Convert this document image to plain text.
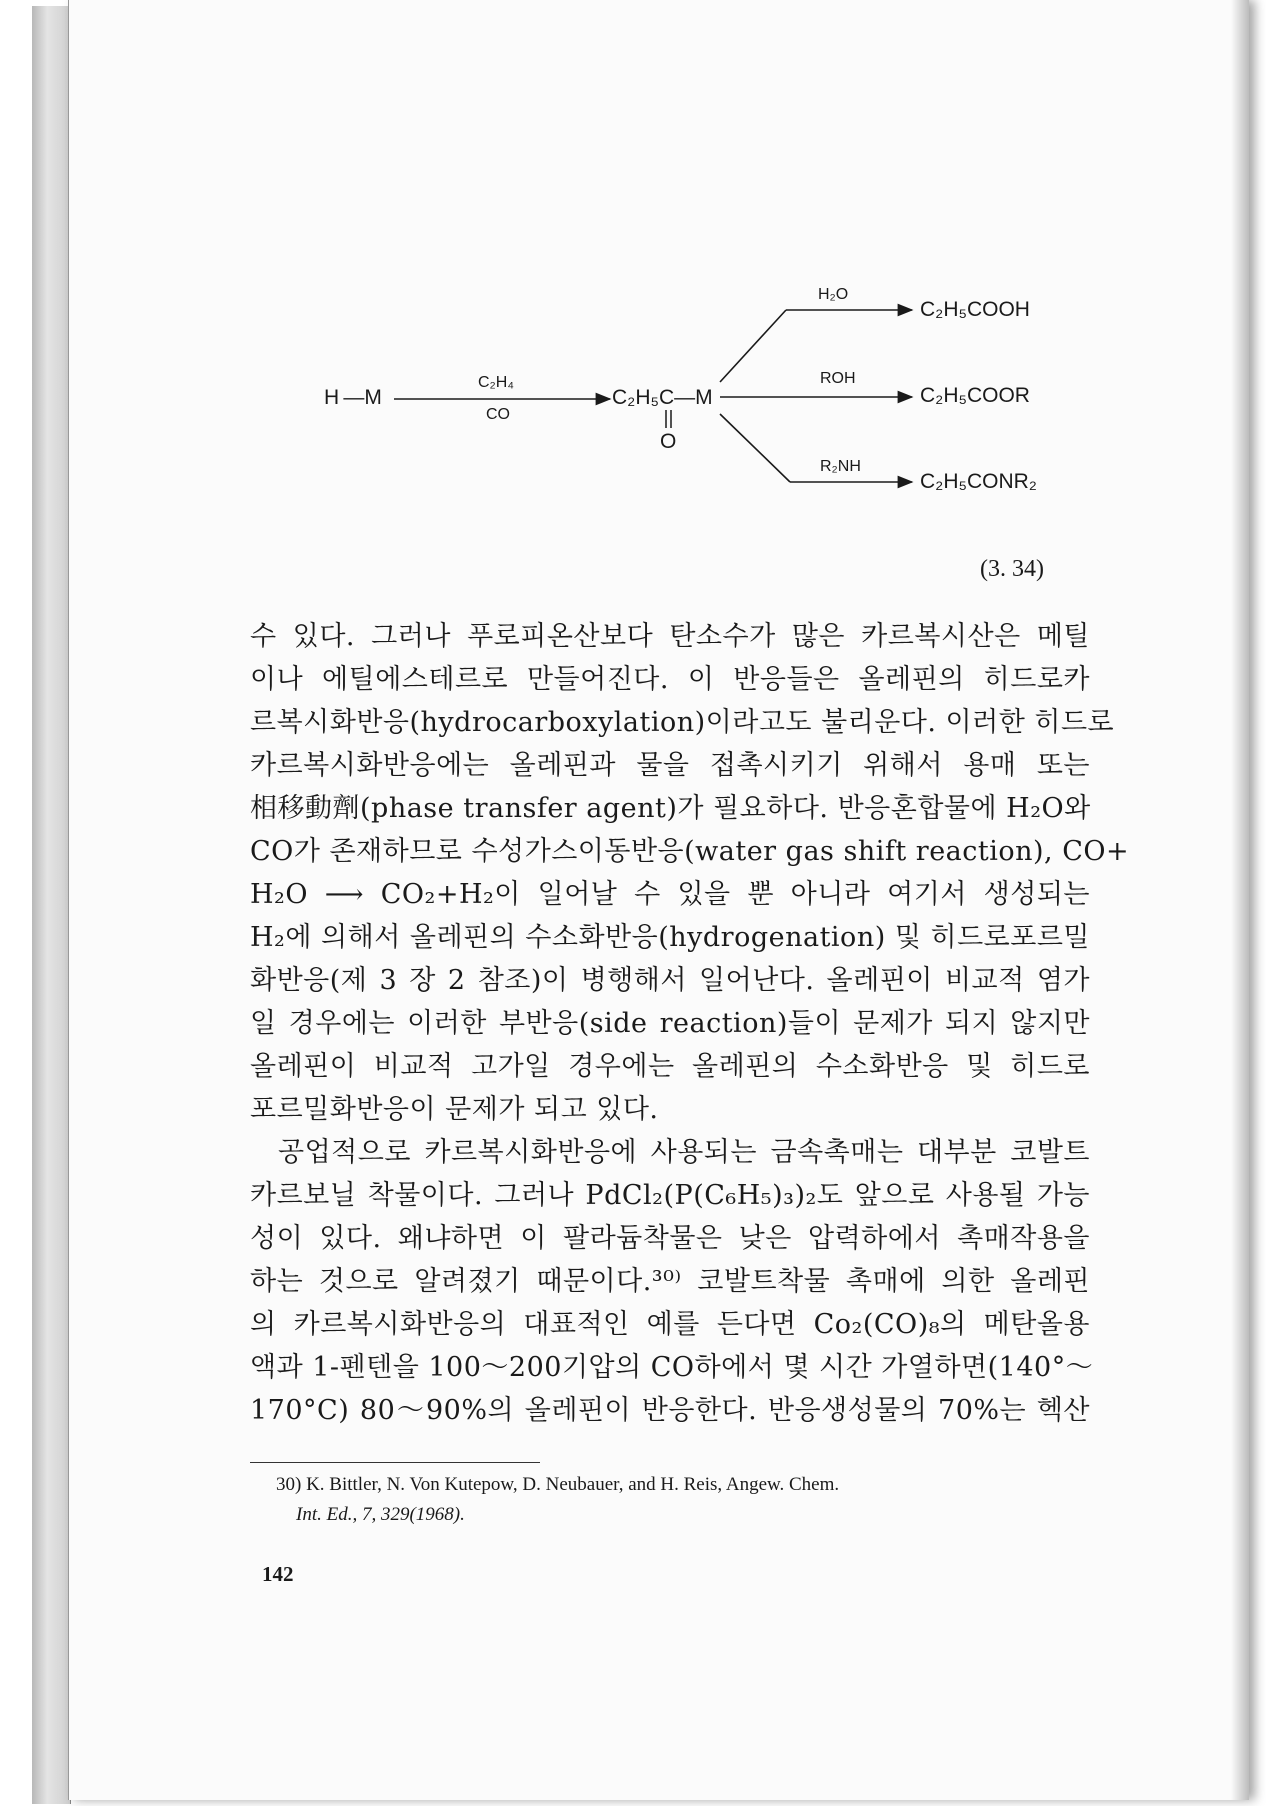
H —M
C₂H₄
CO
C₂H₅C—M
O
H₂O
C₂H₅COOH
ROH
C₂H₅COOR
R₂NH
C₂H₅CONR₂
(3. 34)
수 있다. 그러나 푸로피온산보다 탄소수가 많은 카르복시산은 메틸
이나 에틸에스테르로 만들어진다. 이 반응들은 올레핀의 히드로카
르복시화반응(hydrocarboxylation)이라고도 불리운다. 이러한 히드로
카르복시화반응에는 올레핀과 물을 접촉시키기 위해서 용매 또는
相移動劑(phase transfer agent)가 필요하다. 반응혼합물에 H₂O와
CO가 존재하므로 수성가스이동반응(water gas shift reaction), CO+
H₂O ⟶ CO₂+H₂이 일어날 수 있을 뿐 아니라 여기서 생성되는
H₂에 의해서 올레핀의 수소화반응(hydrogenation) 및 히드로포르밀
화반응(제 3 장 2 참조)이 병행해서 일어난다. 올레핀이 비교적 염가
일 경우에는 이러한 부반응(side reaction)들이 문제가 되지 않지만
올레핀이 비교적 고가일 경우에는 올레핀의 수소화반응 및 히드로
포르밀화반응이 문제가 되고 있다.
공업적으로 카르복시화반응에 사용되는 금속촉매는 대부분 코발트
카르보닐 착물이다. 그러나 PdCl₂(P(C₆H₅)₃)₂도 앞으로 사용될 가능
성이 있다. 왜냐하면 이 팔라듐착물은 낮은 압력하에서 촉매작용을
하는 것으로 알려졌기 때문이다.³⁰⁾ 코발트착물 촉매에 의한 올레핀
의 카르복시화반응의 대표적인 예를 든다면 Co₂(CO)₈의 메탄올용
액과 1-펜텐을 100～200기압의 CO하에서 몇 시간 가열하면(140°～
170°C) 80～90%의 올레핀이 반응한다. 반응생성물의 70%는 헥산
30) K. Bittler, N. Von Kutepow, D. Neubauer, and H. Reis, Angew. Chem.
Int. Ed., 7, 329(1968).
142
